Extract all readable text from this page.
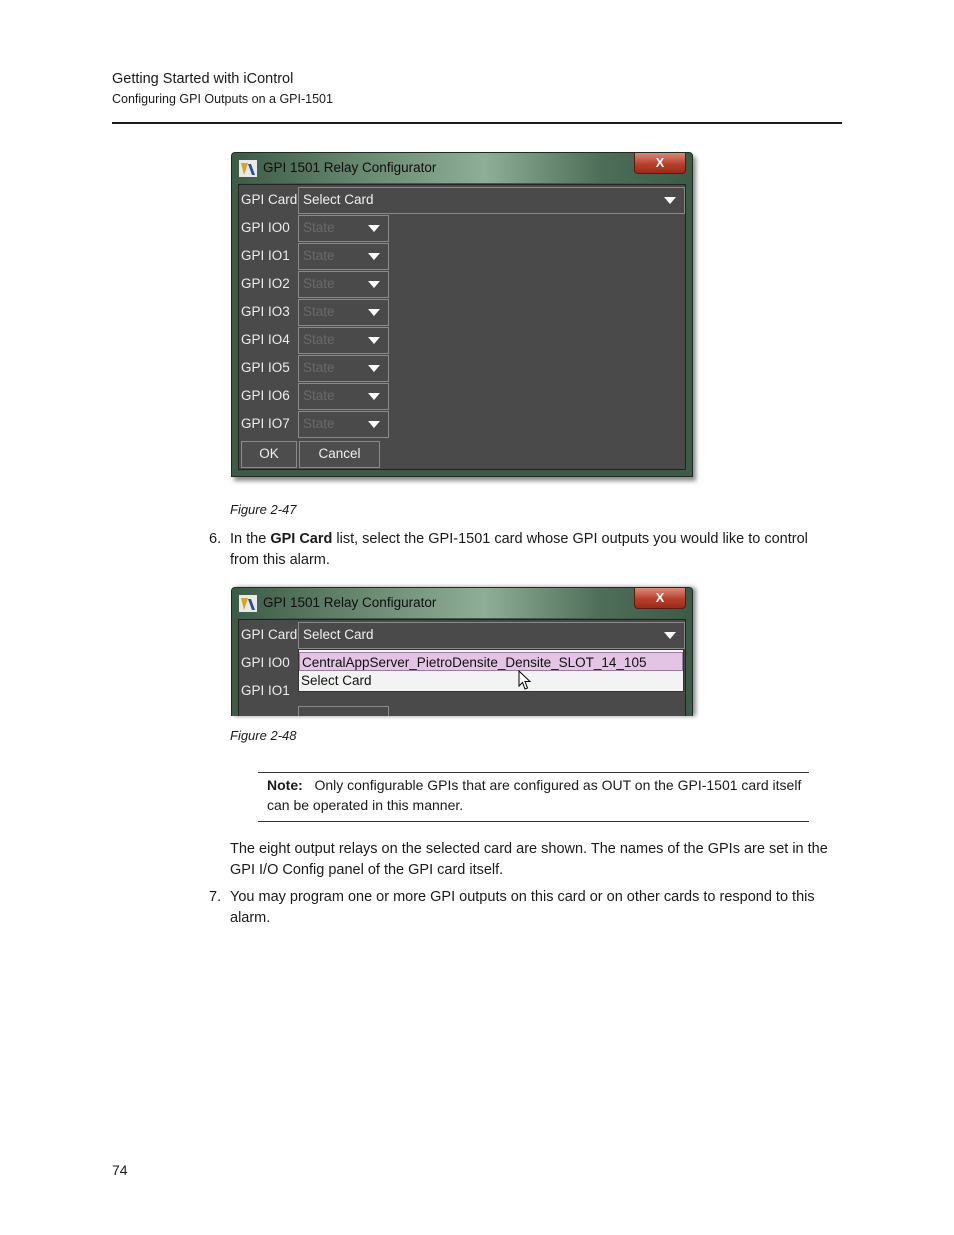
Getting Started with iControl
Configuring GPI Outputs on a GPI-1501
GPI 1501 Relay Configurator	X
GPI Card Select Card
GPI IO0 State
GPI IO1 State
GPI IO2 State
GPI IO3 State
GPI IO4 State
GPI IO5 State
GPI IO6 State
GPI IO7 State
OK	Cancel
Figure 2-47
6. In the GPI Card list, select the GPI-1501 card whose GPI outputs you would like to control
from this alarm.
GPI 1501 Relay Configurator	X
GPI Card Select Card
GPI IO0
GPI IO1
CentralAppServer_PietroDensite_Densite_SLOT_14_105
Select Card
Figure 2-48
Note: Only configurable GPIs that are configured as OUT on the GPI-1501 card itself
can be operated in this manner.
The eight output relays on the selected card are shown. The names of the GPIs are set in the
GPI I/O Config panel of the GPI card itself.
7. You may program one or more GPI outputs on this card or on other cards to respond to this
alarm.
74
